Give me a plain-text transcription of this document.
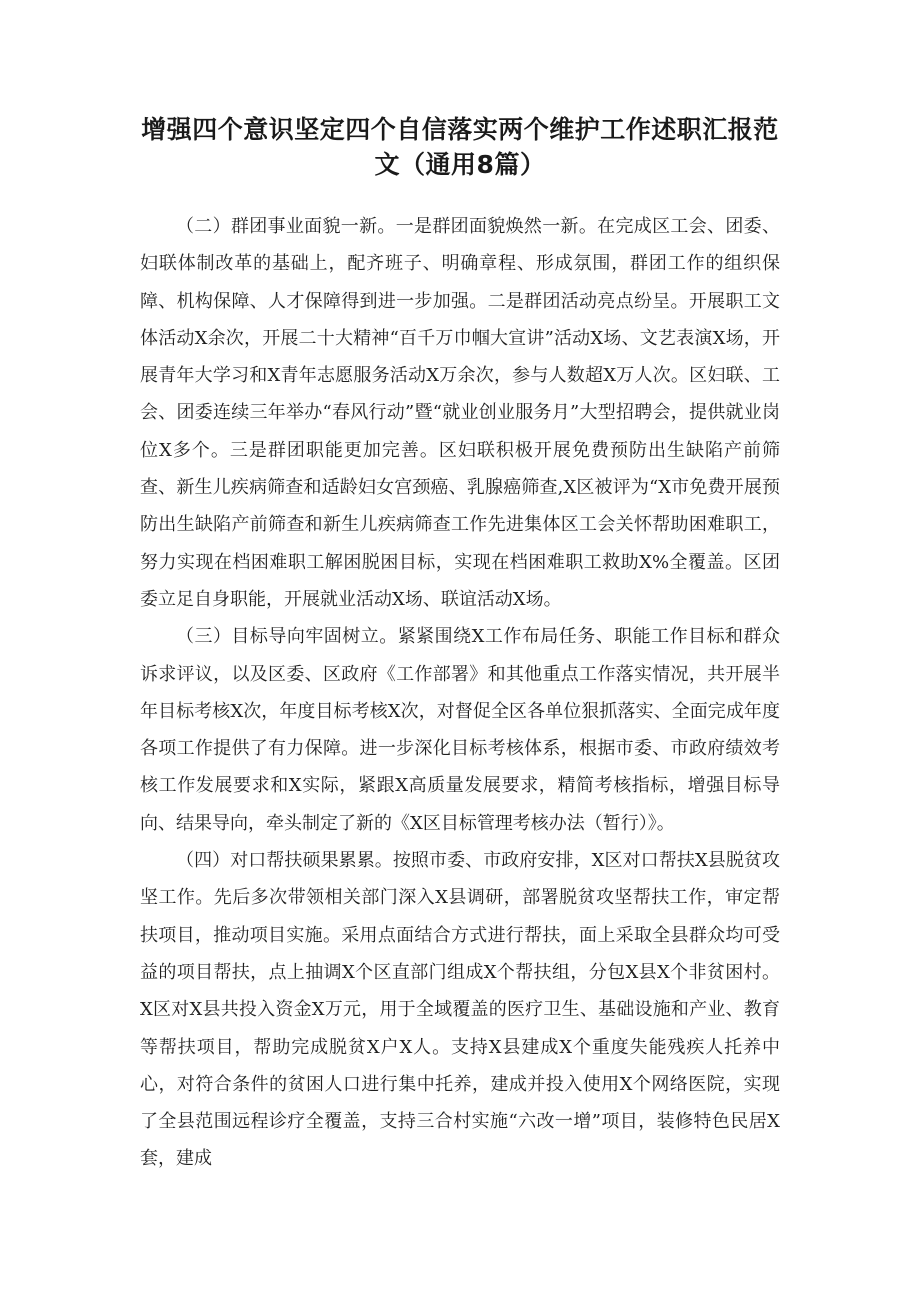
增强四个意识坚定四个自信落实两个维护工作述职汇报范文（通用8篇）

（二）群团事业面貌一新。一是群团面貌焕然一新。在完成区工会、团委、妇联体制改革的基础上，配齐班子、明确章程、形成氛围，群团工作的组织保障、机构保障、人才保障得到进一步加强。二是群团活动亮点纷呈。开展职工文体活动X余次，开展二十大精神“百千万巾帼大宣讲”活动X场、文艺表演X场，开展青年大学习和X青年志愿服务活动X万余次，参与人数超X万人次。区妇联、工会、团委连续三年举办“春风行动”暨“就业创业服务月”大型招聘会，提供就业岗位X多个。三是群团职能更加完善。区妇联积极开展免费预防出生缺陷产前筛查、新生儿疾病筛查和适龄妇女宫颈癌、乳腺癌筛查,X区被评为“X市免费开展预防出生缺陷产前筛查和新生儿疾病筛查工作先进集体区工会关怀帮助困难职工，努力实现在档困难职工解困脱困目标，实现在档困难职工救助X%全覆盖。区团委立足自身职能，开展就业活动X场、联谊活动X场。

（三）目标导向牢固树立。紧紧围绕X工作布局任务、职能工作目标和群众诉求评议，以及区委、区政府《工作部署》和其他重点工作落实情况，共开展半年目标考核X次，年度目标考核X次，对督促全区各单位狠抓落实、全面完成年度各项工作提供了有力保障。进一步深化目标考核体系，根据市委、市政府绩效考核工作发展要求和X实际，紧跟X高质量发展要求，精简考核指标，增强目标导向、结果导向，牵头制定了新的《X区目标管理考核办法（暂行）》。

（四）对口帮扶硕果累累。按照市委、市政府安排，X区对口帮扶X县脱贫攻坚工作。先后多次带领相关部门深入X县调研，部署脱贫攻坚帮扶工作，审定帮扶项目，推动项目实施。采用点面结合方式进行帮扶，面上采取全县群众均可受益的项目帮扶，点上抽调X个区直部门组成X个帮扶组，分包X县X个非贫困村。X区对X县共投入资金X万元，用于全域覆盖的医疗卫生、基础设施和产业、教育等帮扶项目，帮助完成脱贫X户X人。支持X县建成X个重度失能残疾人托养中心，对符合条件的贫困人口进行集中托养，建成并投入使用X个网络医院，实现了全县范围远程诊疗全覆盖，支持三合村实施“六改一增”项目，装修特色民居X套，建成
